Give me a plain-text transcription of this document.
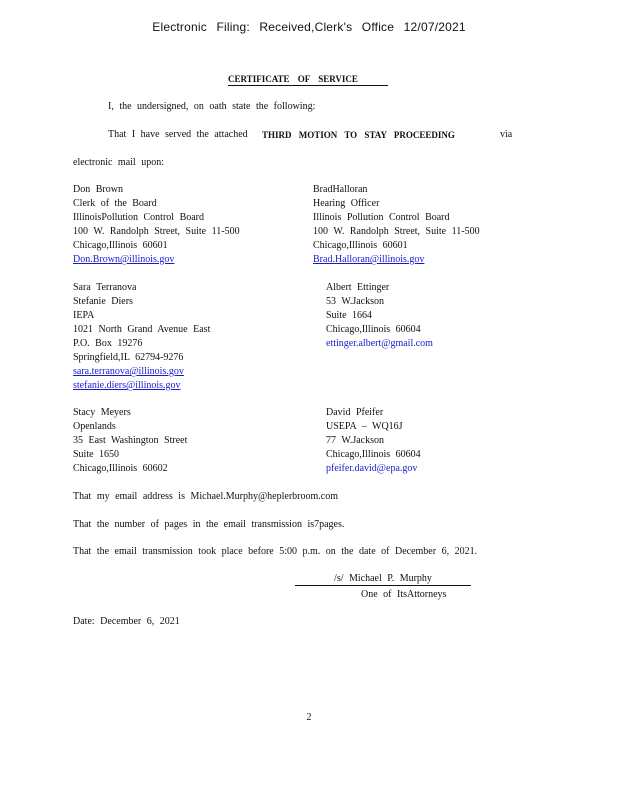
Electronic Filing: Received,Clerk's Office 12/07/2021
CERTIFICATE OF SERVICE
I, the undersigned, on oath state the following:
That I have served the attached THIRD MOTION TO STAY PROCEEDING	via
electronic mail upon:
Don Brown
Clerk of the Board
IllinoisPollution Control Board
100 W. Randolph Street, Suite 11-500
Chicago,Illinois 60601
Don.Brown@illinois.gov
BradHalloran
Hearing Officer
Illinois Pollution Control Board
100 W. Randolph Street, Suite 11-500
Chicago,Illinois 60601
Brad.Halloran@illinois.gov
Sara Terranova
Stefanie Diers
IEPA
1021 North Grand Avenue East
P.O. Box 19276
Springfield,IL 62794-9276
sara.terranova@illinois.gov
stefanie.diers@illinois.gov
Albert Ettinger
53 W.Jackson
Suite 1664
Chicago,Illinois 60604
ettinger.albert@gmail.com
Stacy Meyers
Openlands
35 East Washington Street
Suite 1650
Chicago,Illinois 60602
David Pfeifer
USEPA – WQ16J
77 W.Jackson
Chicago,Illinois 60604
pfeifer.david@epa.gov
That my email address is Michael.Murphy@heplerbroom.com
That the number of pages in the email transmission is7pages.
That the email transmission took place before 5:00 p.m. on the date of December 6, 2021.
/s/ Michael P. Murphy
One of ItsAttorneys
Date: December 6, 2021
2
